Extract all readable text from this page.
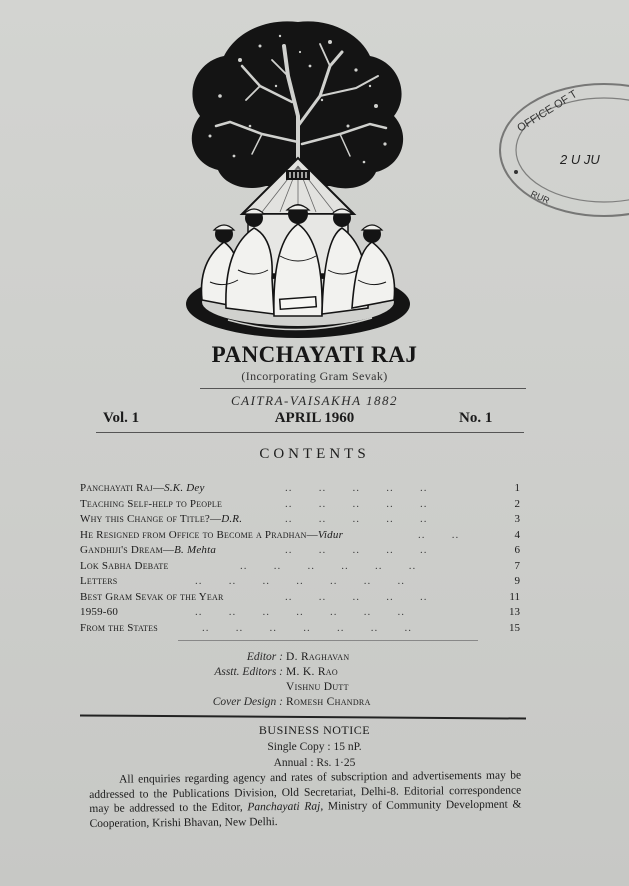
OFFICE OF T
2 U JU
RUR
PANCHAYATI RAJ
(Incorporating Gram Sevak)
CAITRA-VAISAKHA 1882
Vol. 1	APRIL 1960	No. 1
CONTENTS
Panchayati Raj—S.K. Dey	..       ..       ..       ..       ..	1
Teaching Self-help to People	..       ..       ..       ..       ..	2
Why this Change of Title?—D.R.	..       ..       ..       ..       ..	3
He Resigned from Office to Become a Pradhan—Vidur	..       ..	4
Gandhiji's Dream—B. Mehta	..       ..       ..       ..       ..	6
Lok Sabha Debate	..       ..       ..       ..       ..       ..	7
Letters	..       ..       ..       ..       ..       ..       ..	9
Best Gram Sevak of the Year	..       ..       ..       ..       ..	11
1959-60	..       ..       ..       ..       ..       ..       ..	13
From the States	..       ..       ..       ..       ..       ..       ..	15
Editor : D. Raghavan
Asstt. Editors : M. K. Rao
Vishnu Dutt
Cover Design : Romesh Chandra
BUSINESS NOTICE
Single Copy : 15 nP.
Annual : Rs. 1·25

All enquiries regarding agency and rates of subscription and advertisements may be addressed to the Publications Division, Old Secretariat, Delhi-8. Editorial correspondence may be addressed to the Editor, Panchayati Raj, Ministry of Community Development & Cooperation, Krishi Bhavan, New Delhi.
